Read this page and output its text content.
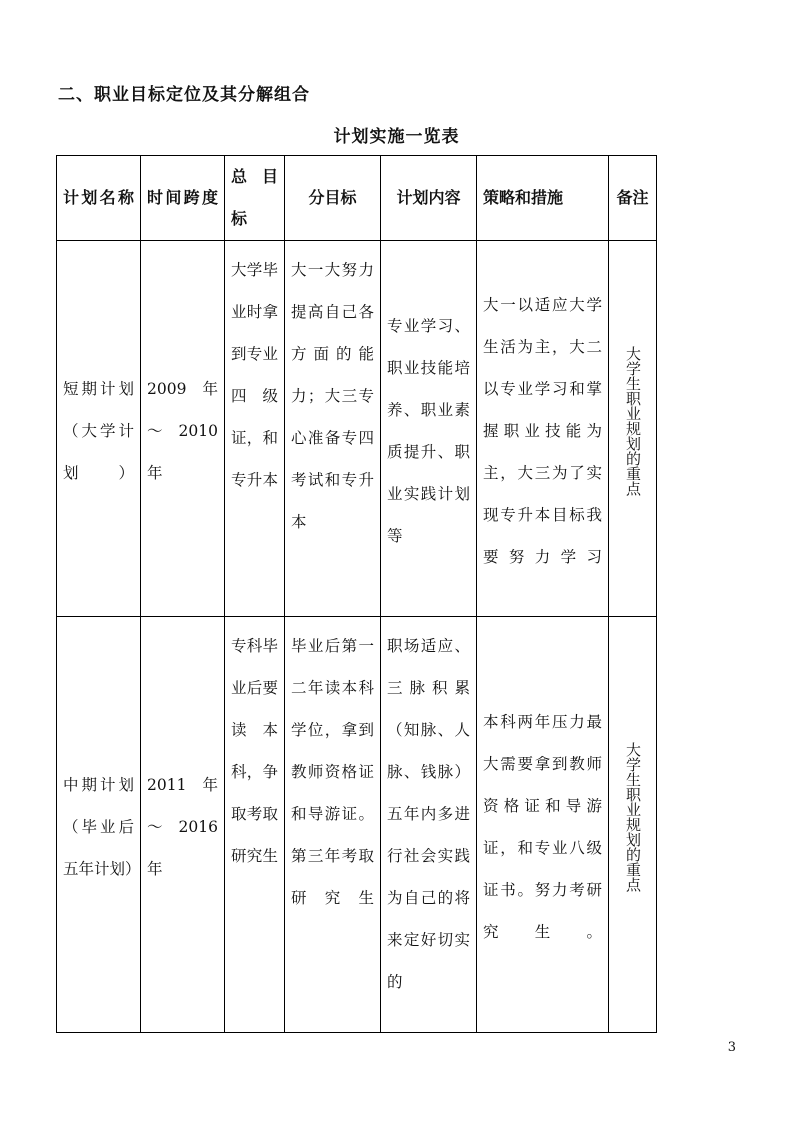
二、职业目标定位及其分解组合
计划实施一览表
计划名称	时间跨度	总目标	分目标	计划内容	策略和措施	备注
短期计划（大学计划）	2009 年 ～2010 年	大学毕业时拿到专业四级证，和专升本	大一大努力提高自己各方面的能力；大三专心准备专四考试和专升本	专业学习、职业技能培养、职业素质提升、职业实践计划等	大一以适应大学生活为主，大二以专业学习和掌握职业技能为主，大三为了实现专升本目标我要努力学习	大学生职业规划的重点
中期计划（毕业后五年计划）	2011 年 ～2016 年	专科毕业后要读本科，争取考取研究生	毕业后第一二年读本科学位，拿到教师资格证和导游证。第三年考取研究生	职场适应、三脉积累（知脉、人脉、钱脉）五年内多进行社会实践为自己的将来定好切实的	本科两年压力最大需要拿到教师资格证和导游证，和专业八级证书。努力考研究生。	大学生职业规划的重点
3
